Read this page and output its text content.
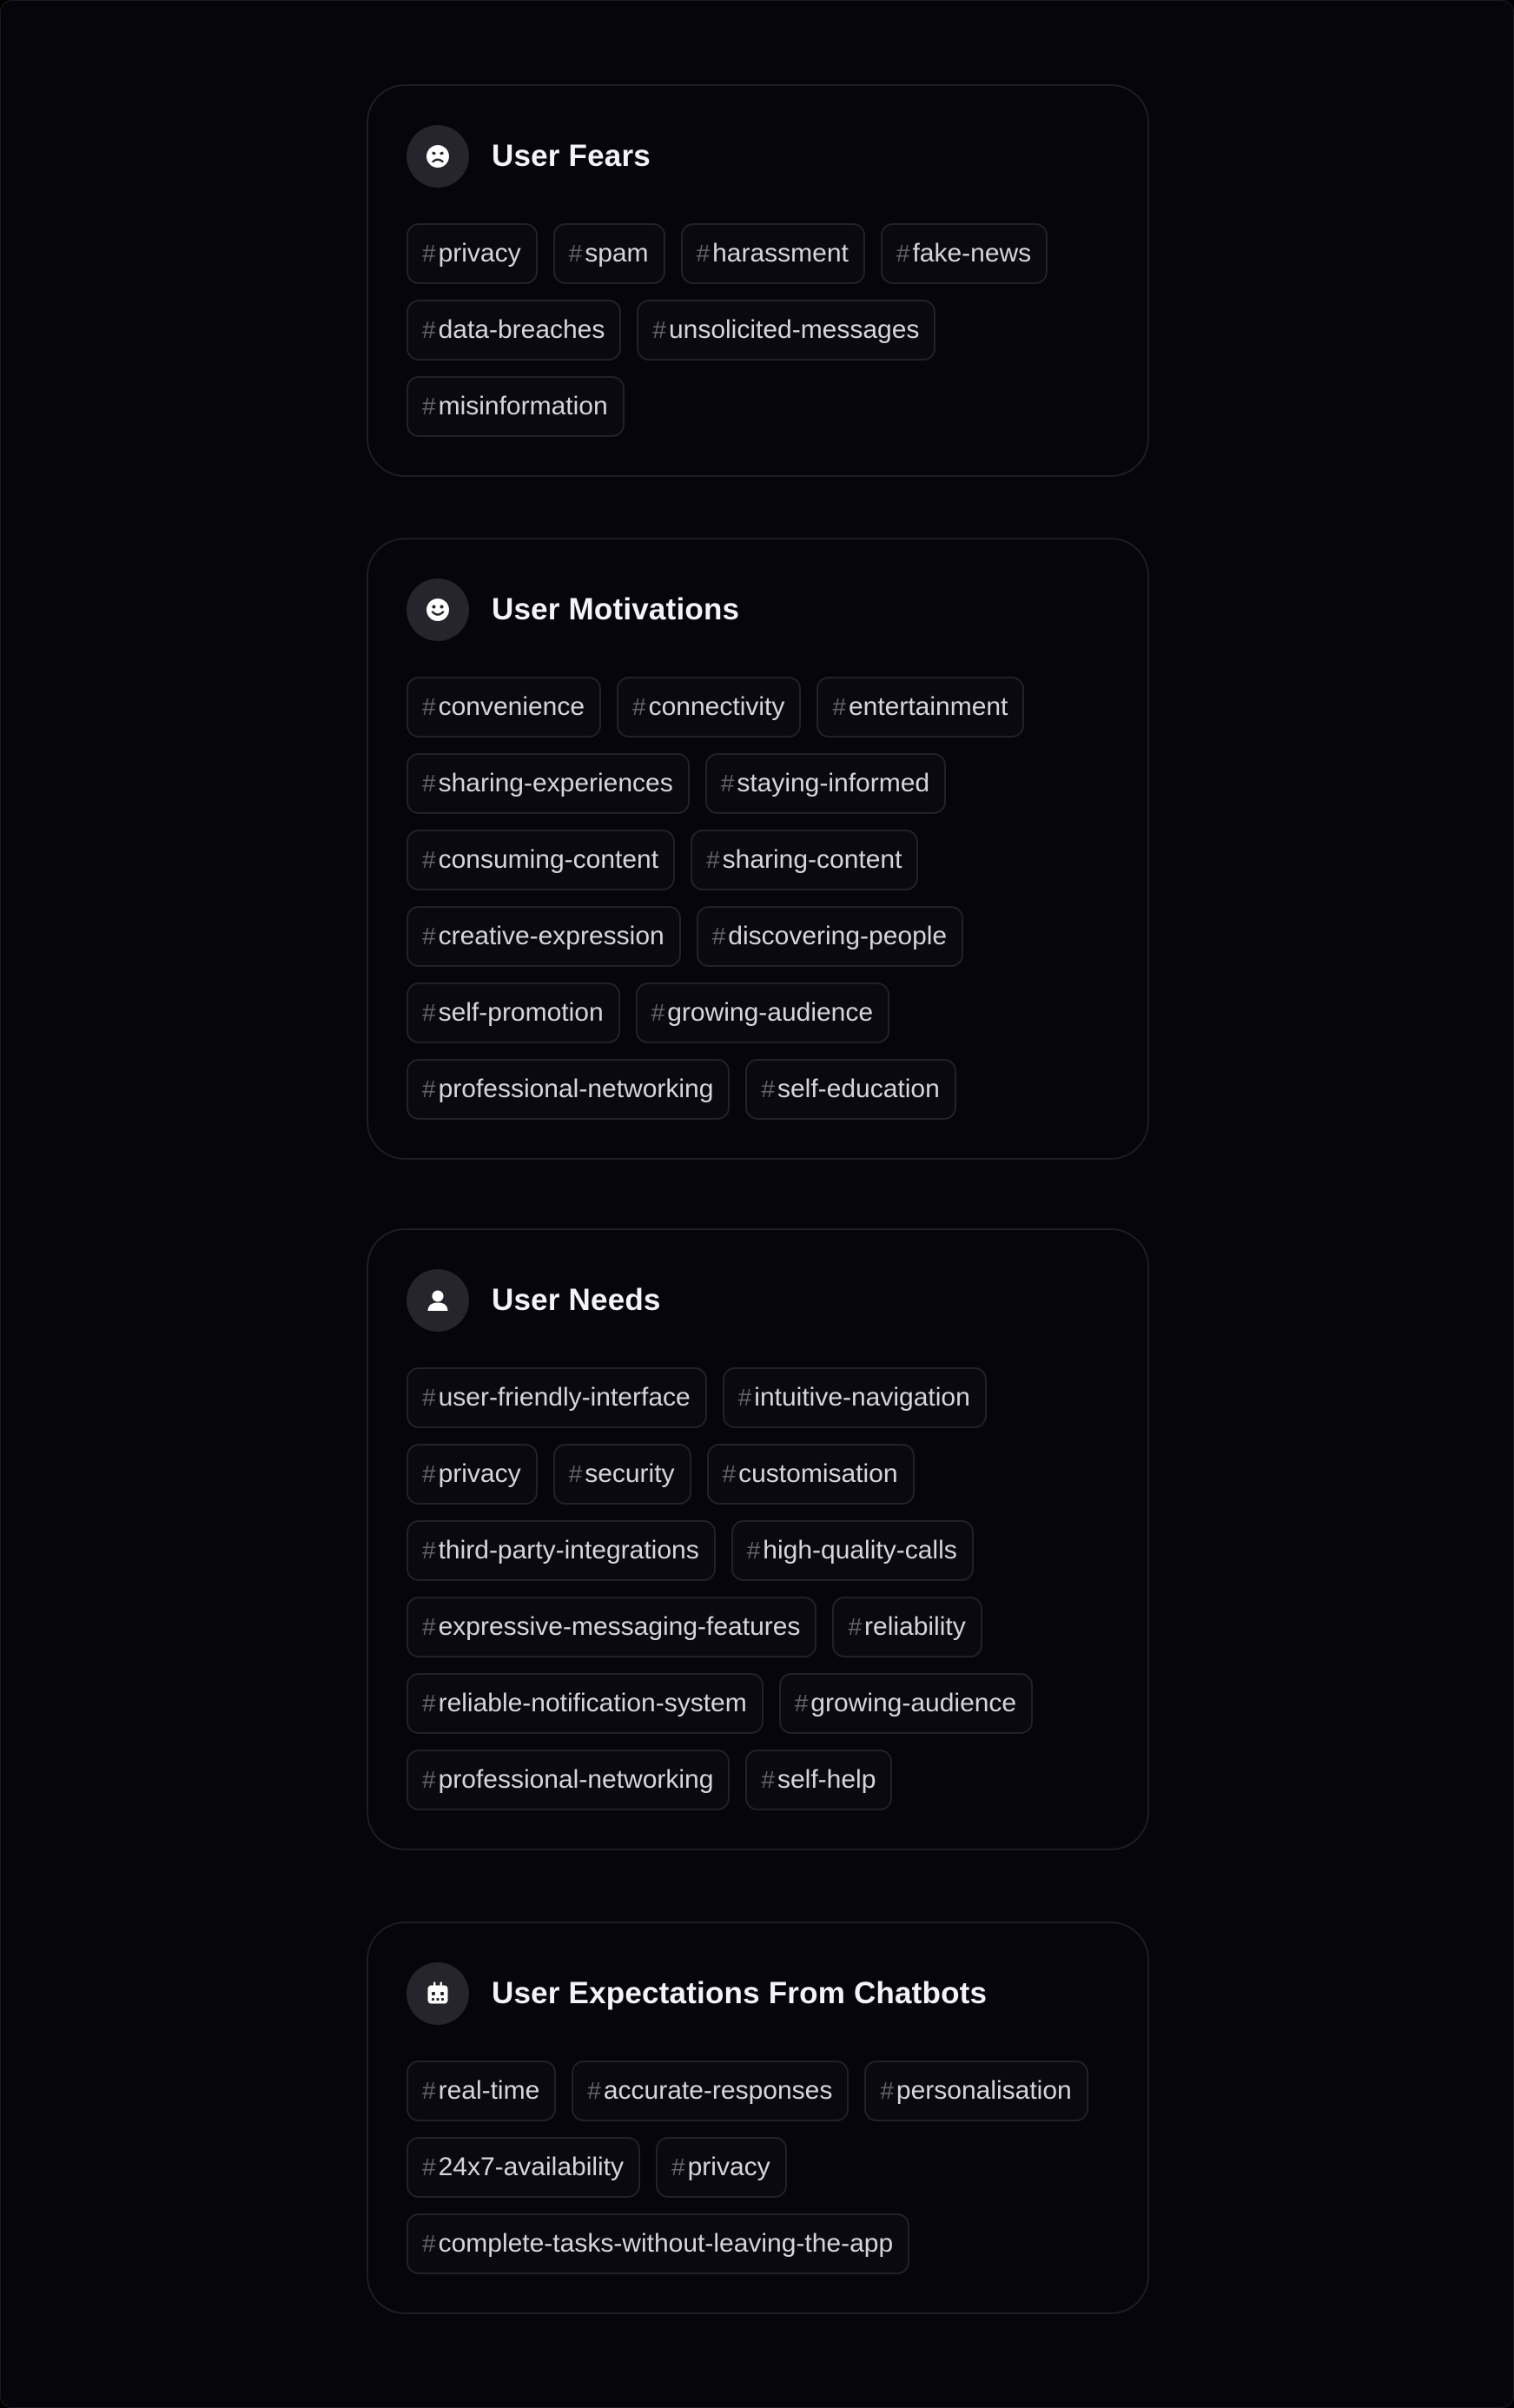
User Fears
# privacy # spam # harassment # fake-news
# data-breaches # unsolicited-messages
# misinformation
User Motivations
# convenience # connectivity # entertainment
# sharing-experiences # staying-informed
# consuming-content # sharing-content
# creative-expression # discovering-people
# self-promotion # growing-audience
# professional-networking # self-education
User Needs
# user-friendly-interface # intuitive-navigation
# privacy # security # customisation
# third-party-integrations # high-quality-calls
# expressive-messaging-features # reliability
# reliable-notification-system # growing-audience
# professional-networking # self-help
User Expectations From Chatbots
# real-time # accurate-responses # personalisation
# 24x7-availability # privacy
# complete-tasks-without-leaving-the-app
